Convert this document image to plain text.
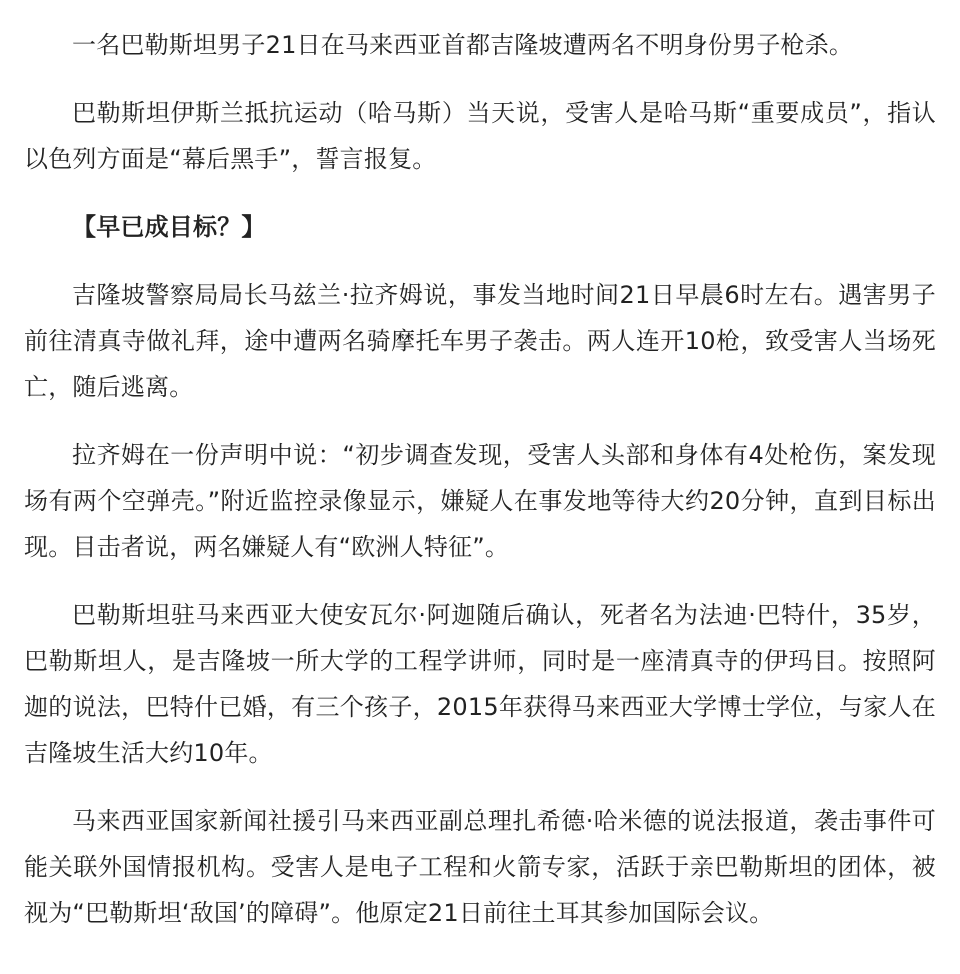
一名巴勒斯坦男子21日在马来西亚首都吉隆坡遭两名不明身份男子枪杀。

巴勒斯坦伊斯兰抵抗运动（哈马斯）当天说，受害人是哈马斯“重要成员”，指认以色列方面是“幕后黑手”，誓言报复。

【早已成目标？】

吉隆坡警察局局长马兹兰·拉齐姆说，事发当地时间21日早晨6时左右。遇害男子前往清真寺做礼拜，途中遭两名骑摩托车男子袭击。两人连开10枪，致受害人当场死亡，随后逃离。

拉齐姆在一份声明中说：“初步调查发现，受害人头部和身体有4处枪伤，案发现场有两个空弹壳。”附近监控录像显示，嫌疑人在事发地等待大约20分钟，直到目标出现。目击者说，两名嫌疑人有“欧洲人特征”。

巴勒斯坦驻马来西亚大使安瓦尔·阿迦随后确认，死者名为法迪·巴特什，35岁，巴勒斯坦人，是吉隆坡一所大学的工程学讲师，同时是一座清真寺的伊玛目。按照阿迦的说法，巴特什已婚，有三个孩子，2015年获得马来西亚大学博士学位，与家人在吉隆坡生活大约10年。

马来西亚国家新闻社援引马来西亚副总理扎希德·哈米德的说法报道，袭击事件可能关联外国情报机构。受害人是电子工程和火箭专家，活跃于亲巴勒斯坦的团体，被视为“巴勒斯坦‘敌国’的障碍”。他原定21日前往土耳其参加国际会议。
